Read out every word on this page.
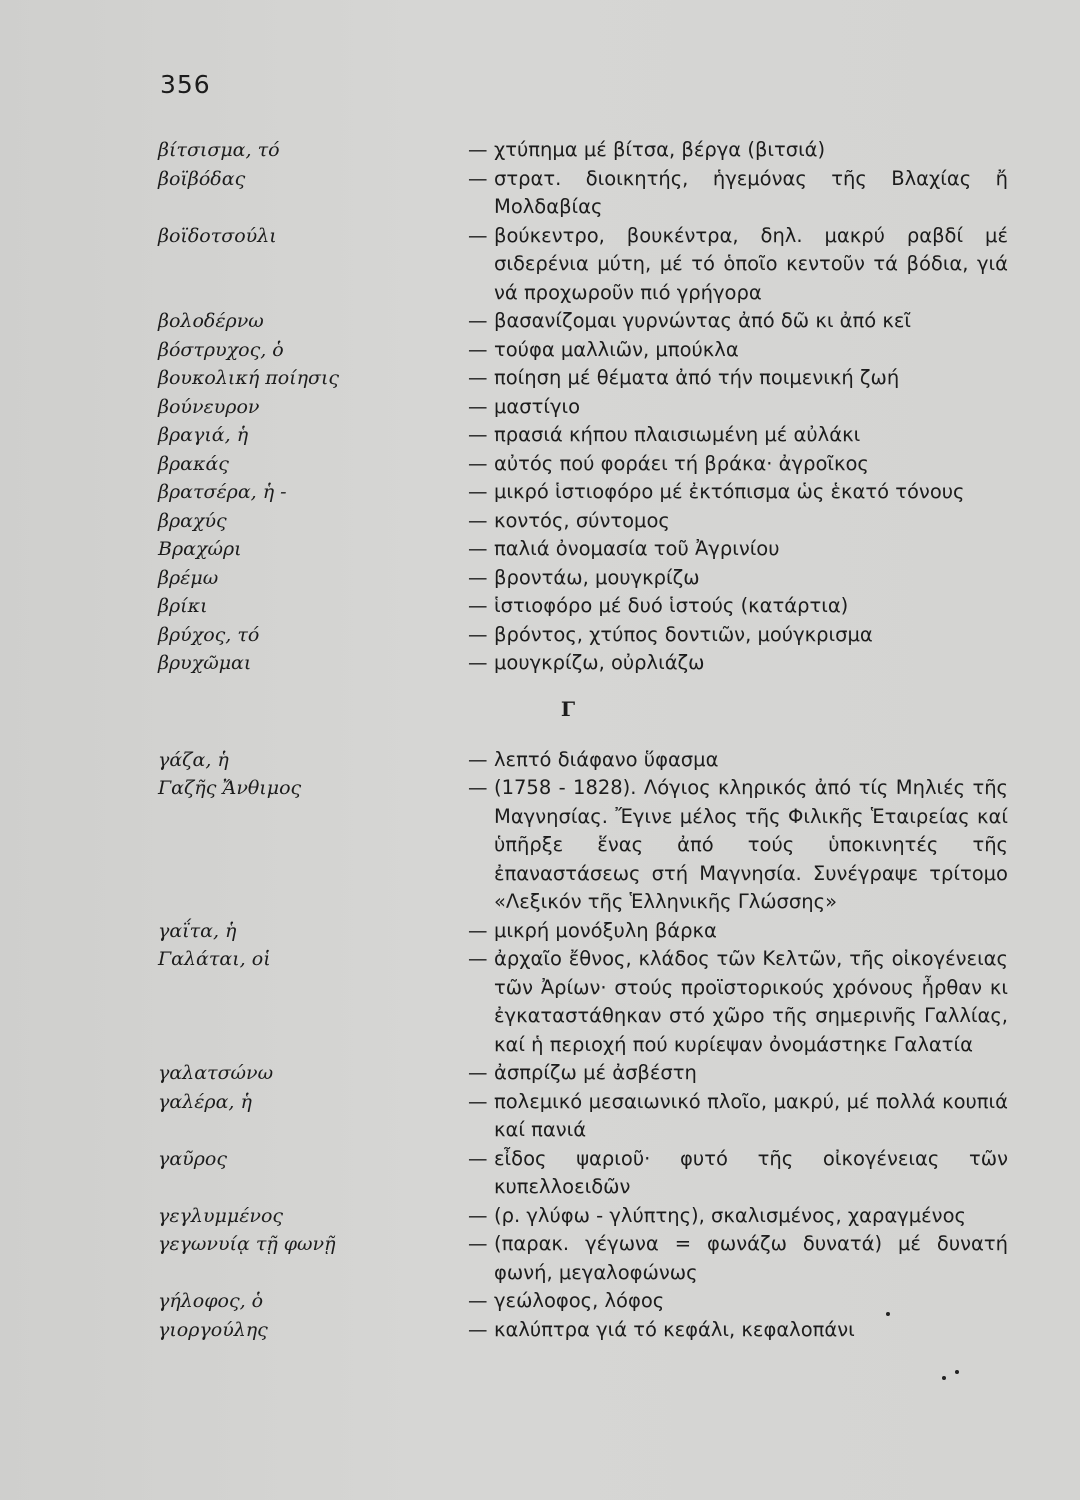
356
βίτσισμα, τό	— χτύπημα μέ βίτσα, βέργα (βιτσιά)
βοϊβόδας	— στρατ. διοικητής, ἡγεμόνας τῆς Βλαχίας ἤ Μολδαβίας
βοϊδοτσούλι	— βούκεντρο, βουκέντρα, δηλ. μακρύ ραβδί μέ σιδερένια μύτη, μέ τό ὁποῖο κεντοῦν τά βόδια, γιά νά προχωροῦν πιό γρήγορα
βολοδέρνω	— βασανίζομαι γυρνώντας ἀπό δῶ κι ἀπό κεῖ
βόστρυχος, ὁ	— τούφα μαλλιῶν, μπούκλα
βουκολική ποίησις	— ποίηση μέ θέματα ἀπό τήν ποιμενική ζωή
βούνευρον	— μαστίγιο
βραγιά, ἡ	— πρασιά κήπου πλαισιωμένη μέ αὐλάκι
βρακάς	— αὐτός πού φοράει τή βράκα· ἀγροῖκος
βρατσέρα, ἡ -	— μικρό ἱστιοφόρο μέ ἐκτόπισμα ὡς ἑκατό τόνους
βραχύς	— κοντός, σύντομος
Βραχώρι	— παλιά ὀνομασία τοῦ Ἀγρινίου
βρέμω	— βροντάω, μουγκρίζω
βρίκι	— ἱστιοφόρο μέ δυό ἱστούς (κατάρτια)
βρύχος, τό	— βρόντος, χτύπος δοντιῶν, μούγκρισμα
βρυχῶμαι	— μουγκρίζω, οὐρλιάζω
Γ
γάζα, ἡ	— λεπτό διάφανο ὕφασμα
Γαζῆς Ἄνθιμος	— (1758 - 1828). Λόγιος κληρικός ἀπό τίς Μηλιές τῆς Μαγνησίας. Ἔγινε μέλος τῆς Φιλικῆς Ἑταιρείας καί ὑπῆρξε ἕνας ἀπό τούς ὑποκινητές τῆς ἐπαναστάσεως στή Μαγνησία. Συνέγραψε τρίτομο «Λεξικόν τῆς Ἑλληνικῆς Γλώσσης»
γαΐτα, ἡ	— μικρή μονόξυλη βάρκα
Γαλάται, οἱ	— ἀρχαῖο ἔθνος, κλάδος τῶν Κελτῶν, τῆς οἰκογένειας τῶν Ἀρίων· στούς προϊστορικούς χρόνους ἦρθαν κι ἐγκαταστάθηκαν στό χῶρο τῆς σημερινῆς Γαλλίας, καί ἡ περιοχή πού κυρίεψαν ὀνομάστηκε Γαλατία
γαλατσώνω	— ἀσπρίζω μέ ἀσβέστη
γαλέρα, ἡ	— πολεμικό μεσαιωνικό πλοῖο, μακρύ, μέ πολλά κουπιά καί πανιά
γαῦρος	— εἶδος ψαριοῦ· φυτό τῆς οἰκογένειας τῶν κυπελλοειδῶν
γεγλυμμένος	— (ρ. γλύφω - γλύπτης), σκαλισμένος, χαραγμένος
γεγωνυίᾳ τῇ φωνῇ	— (παρακ. γέγωνα = φωνάζω δυνατά) μέ δυνατή φωνή, μεγαλοφώνως
γήλοφος, ὁ	— γεώλοφος, λόφος
γιοργούλης	— καλύπτρα γιά τό κεφάλι, κεφαλοπάνι
